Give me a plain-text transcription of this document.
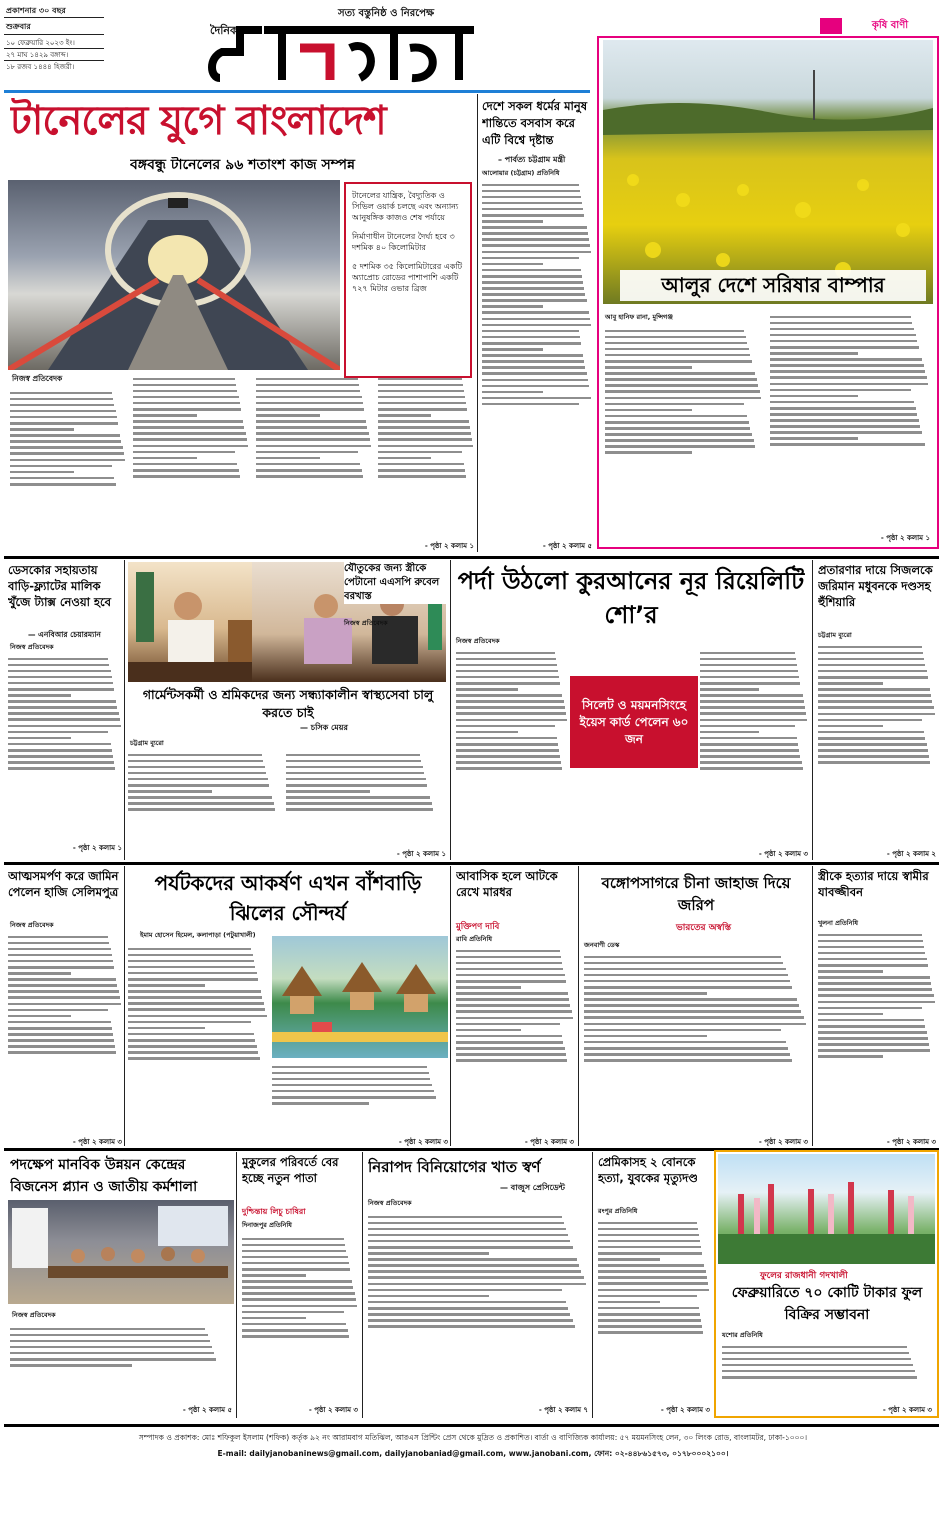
প্রকাশনার ৩০ বছর
শুক্রবার
১০ ফেব্রুয়ারি ২০২৩ ইং।
২৭ মাঘ ১৪২৯ বঙ্গাব্দ।
১৮ রজব ১৪৪৪ হিজরী।
দৈনিক
সত্য বস্তুনিষ্ঠ ও নিরপেক্ষ
কৃষি বাণী
টানেলের যুগে বাংলাদেশ
বঙ্গবন্ধু টানেলের ৯৬ শতাংশ কাজ সম্পন্ন
টানেলের যান্ত্রিক, বৈদ্যুতিক ও সিভিল ওয়ার্ক চলছে এবং অন্যান্য আনুষঙ্গিক কাজও শেষ পর্যায়ে
নির্মাণাধীন টানেলের দৈর্ঘ্য হবে ৩ দশমিক ৪০ কিলোমিটার
৫ দশমিক ৩৫ কিলোমিটারের একটি অ্যাপ্রোচ রোডের পাশাপাশি একটি ৭২৭ মিটার ওভার ব্রিজ
নিজস্ব প্রতিবেদক
- পৃষ্ঠা ২ কলাম ১
দেশে সকল ধর্মের মানুষ শান্তিতে বসবাস করে এটি বিশ্বে দৃষ্টান্ত
– পার্বত্য চট্টগ্রাম মন্ত্রী
আলোয়ার (চট্টগ্রাম) প্রতিনিধি
- পৃষ্ঠা ২ কলাম ৫
আলুর দেশে সরিষার বাম্পার
আবু হানিফ রানা, মুন্সিগঞ্জ
- পৃষ্ঠা ২ কলাম ১
ডেসকোর সহায়তায় বাড়ি-ফ্ল্যাটের মালিক খুঁজে ট্যাক্স নেওয়া হবে
— এনবিআর চেয়ারম্যান
নিজস্ব প্রতিবেদক
- পৃষ্ঠা ২ কলাম ১
গার্মেন্টসকর্মী ও শ্রমিকদের জন্য সন্ধ্যাকালীন স্বাস্থ্যসেবা চালু করতে চাই
— চসিক মেয়র
চট্টগ্রাম ব্যুরো
- পৃষ্ঠা ২ কলাম ১
যৌতুকের জন্য স্ত্রীকে পেটানো এএসপি রুবেল বরখাস্ত
নিজস্ব প্রতিবেদক
পর্দা উঠলো কুরআনের নূর রিয়েলিটি শো’র
নিজস্ব প্রতিবেদক
সিলেট ও ময়মনসিংহে ইয়েস কার্ড পেলেন ৬০ জন
- পৃষ্ঠা ২ কলাম ৩
প্রতারণার দায়ে সিজলকে জরিমান মধুবনকে দণ্ডসহ হুঁশিয়ারি
চট্টগ্রাম ব্যুরো
- পৃষ্ঠা ২ কলাম ২
আত্মসমর্পণ করে জামিন পেলেন হাজি সেলিমপুত্র
নিজস্ব প্রতিবেদক
- পৃষ্ঠা ২ কলাম ৩
পর্যটকদের আকর্ষণ এখন বাঁশবাড়ি ঝিলের সৌন্দর্য
ইমাম হোসেন হিমেল, কলাপাড়া (পটুয়াখালী)
- পৃষ্ঠা ২ কলাম ৩
আবাসিক হলে আটকে রেখে মারধর
মুক্তিপণ দাবি
রাবি প্রতিনিধি
- পৃষ্ঠা ২ কলাম ৩
বঙ্গোপসাগরে চীনা জাহাজ দিয়ে জরিপ
ভারতের অস্বস্তি
জনবাণী ডেস্ক
- পৃষ্ঠা ২ কলাম ৩
স্ত্রীকে হত্যার দায়ে স্বামীর যাবজ্জীবন
খুলনা প্রতিনিধি
- পৃষ্ঠা ২ কলাম ৩
পদক্ষেপ মানবিক উন্নয়ন কেন্দ্রের বিজনেস প্ল্যান ও জাতীয় কর্মশালা
নিজস্ব প্রতিবেদক
- পৃষ্ঠা ২ কলাম ৫
মুকুলের পরিবর্তে বের হচ্ছে নতুন পাতা
দুশ্চিন্তায় লিচু চাষিরা
দিনাজপুর প্রতিনিধি
- পৃষ্ঠা ২ কলাম ৩
নিরাপদ বিনিয়োগের খাত স্বর্ণ
— বাজুস প্রেসিডেন্ট
নিজস্ব প্রতিবেদক
- পৃষ্ঠা ২ কলাম ৭
প্রেমিকাসহ ২ বোনকে হত্যা, যুবকের মৃত্যুদণ্ড
রংপুর প্রতিনিধি
- পৃষ্ঠা ২ কলাম ৩
ফুলের রাজধানী গদখালী
ফেব্রুয়ারিতে ৭০ কোটি টাকার ফুল বিক্রির সম্ভাবনা
যশোর প্রতিনিধি
- পৃষ্ঠা ২ কলাম ৩
সম্পাদক ও প্রকাশক: মোঃ শফিকুল ইসলাম (শফিক) কর্তৃক ৯২ নং আরামবাগ মতিঝিল, আরএস প্রিন্টিং প্রেস থেকে মুদ্রিত ও প্রকাশিত। বার্তা ও বাণিজ্যিক কার্যালয়: ৫৭ ময়মনসিংহ লেন, ৩০ লিংক রোড, বাংলামটর, ঢাকা-১০০০।
E-mail: dailyjanobaninews@gmail.com, dailyjanobaniad@gmail.com, www.janobani.com, ফোন: ০২-৪৪৮৬১৫৭৩, ০১৭৮০০০২১০০।
